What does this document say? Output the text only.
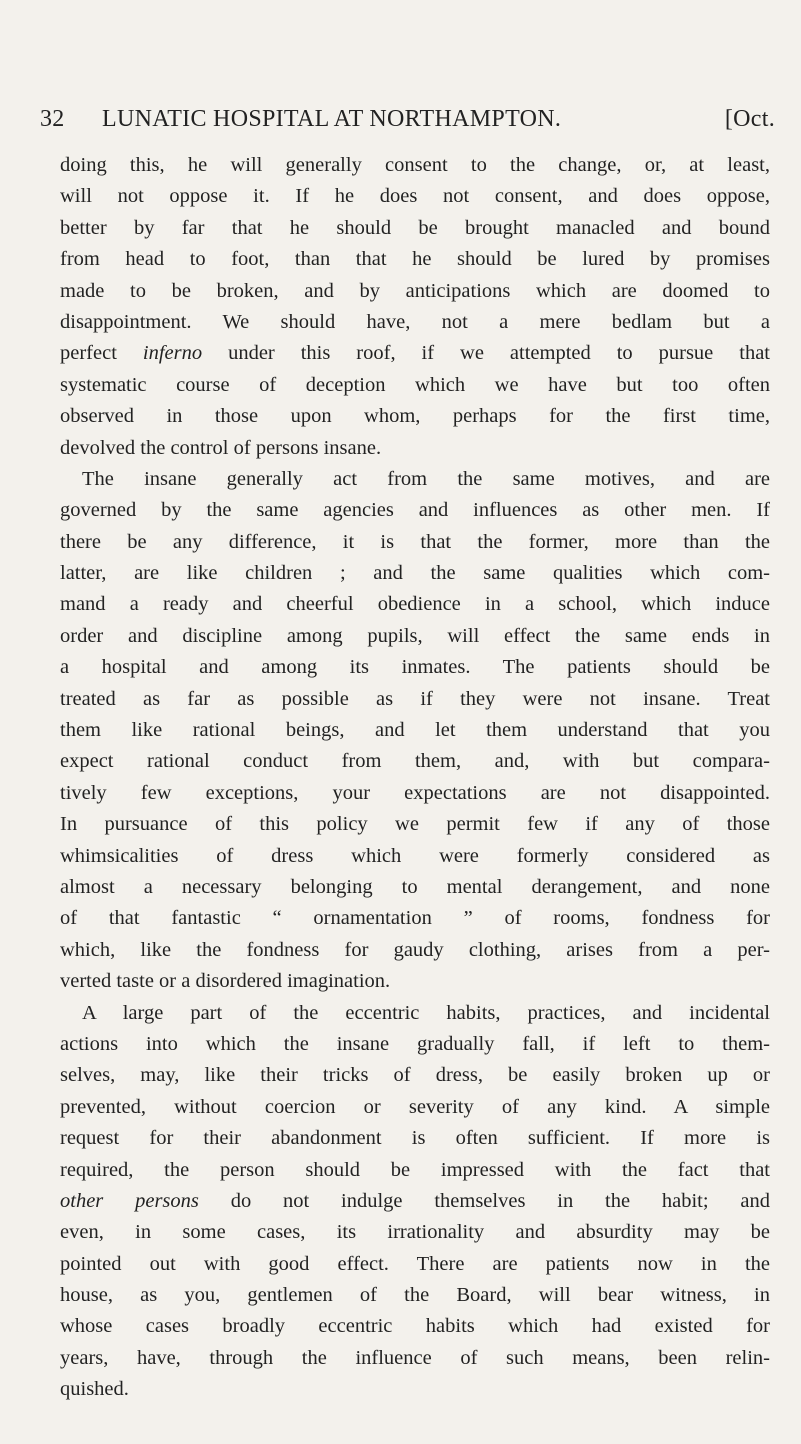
32 LUNATIC HOSPITAL AT NORTHAMPTON.	[Oct.
doing this, he will generally consent to the change, or, at least,
will not oppose it. If he does not consent, and does oppose,
better by far that he should be brought manacled and bound
from head to foot, than that he should be lured by promises
made to be broken, and by anticipations which are doomed to
disappointment. We should have, not a mere bedlam but a
perfect inferno under this roof, if we attempted to pursue that
systematic course of deception which we have but too often
observed in those upon whom, perhaps for the first time,
devolved the control of persons insane.
The insane generally act from the same motives, and are
governed by the same agencies and influences as other men. If
there be any difference, it is that the former, more than the
latter, are like children ; and the same qualities which com-
mand a ready and cheerful obedience in a school, which induce
order and discipline among pupils, will effect the same ends in
a hospital and among its inmates. The patients should be
treated as far as possible as if they were not insane. Treat
them like rational beings, and let them understand that you
expect rational conduct from them, and, with but compara-
tively few exceptions, your expectations are not disappointed.
In pursuance of this policy we permit few if any of those
whimsicalities of dress which were formerly considered as
almost a necessary belonging to mental derangement, and none
of that fantastic “ ornamentation ” of rooms, fondness for
which, like the fondness for gaudy clothing, arises from a per-
verted taste or a disordered imagination.
A large part of the eccentric habits, practices, and incidental
actions into which the insane gradually fall, if left to them-
selves, may, like their tricks of dress, be easily broken up or
prevented, without coercion or severity of any kind. A simple
request for their abandonment is often sufficient. If more is
required, the person should be impressed with the fact that
other persons do not indulge themselves in the habit; and
even, in some cases, its irrationality and absurdity may be
pointed out with good effect. There are patients now in the
house, as you, gentlemen of the Board, will bear witness, in
whose cases broadly eccentric habits which had existed for
years, have, through the influence of such means, been relin-
quished.
